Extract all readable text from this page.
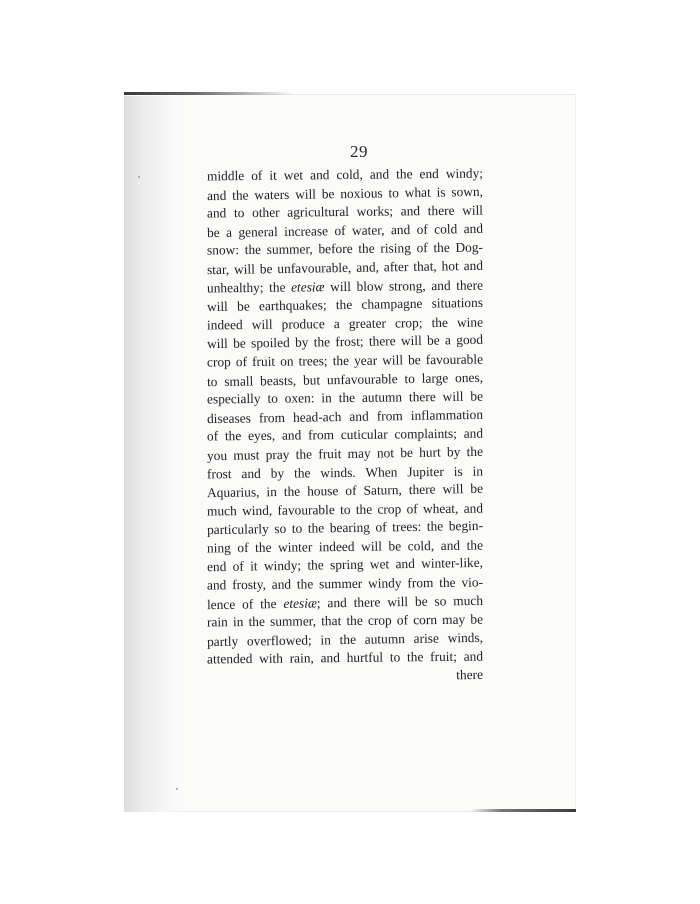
29
middle of it wet and cold, and the end windy;
and the waters will be noxious to what is sown,
and to other agricultural works; and there will
be a general increase of water, and of cold and
snow: the summer, before the rising of the Dog-
star, will be unfavourable, and, after that, hot and
unhealthy; the etesiæ will blow strong, and there
will be earthquakes; the champagne situations
indeed will produce a greater crop; the wine
will be spoiled by the frost; there will be a good
crop of fruit on trees; the year will be favourable
to small beasts, but unfavourable to large ones,
especially to oxen: in the autumn there will be
diseases from head-ach and from inflammation
of the eyes, and from cuticular complaints; and
you must pray the fruit may not be hurt by the
frost and by the winds. When Jupiter is in
Aquarius, in the house of Saturn, there will be
much wind, favourable to the crop of wheat, and
particularly so to the bearing of trees: the begin-
ning of the winter indeed will be cold, and the
end of it windy; the spring wet and winter-like,
and frosty, and the summer windy from the vio-
lence of the etesiæ; and there will be so much
rain in the summer, that the crop of corn may be
partly overflowed; in the autumn arise winds,
attended with rain, and hurtful to the fruit; and
there
